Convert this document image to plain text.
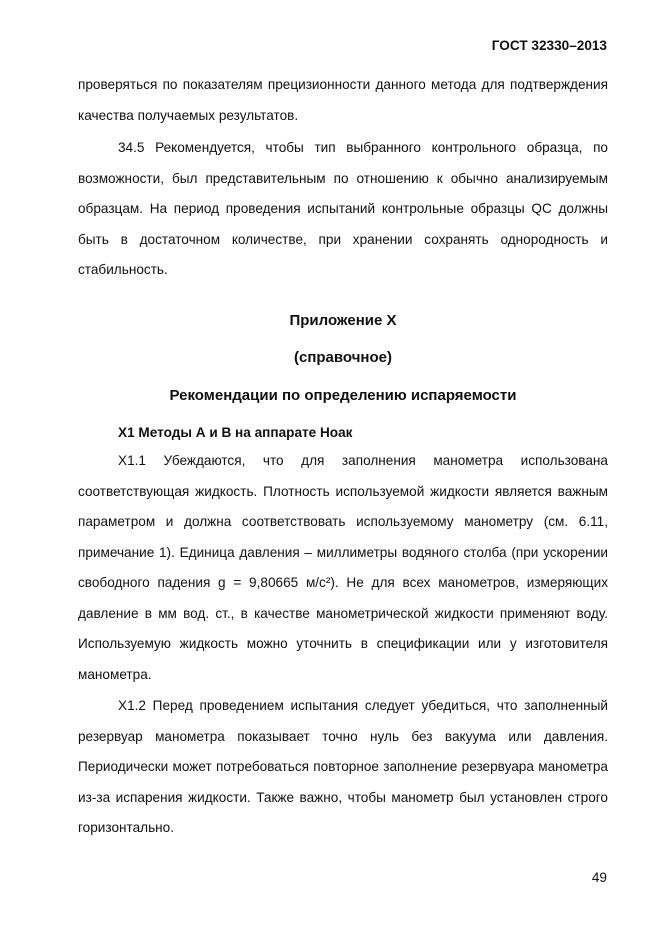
ГОСТ 32330–2013

проверяться по показателям прецизионности данного метода для подтверждения качества получаемых результатов.

34.5 Рекомендуется, чтобы тип выбранного контрольного образца, по возможности, был представительным по отношению к обычно анализируемым образцам. На период проведения испытаний контрольные образцы QC должны быть в достаточном количестве, при хранении сохранять однородность и стабильность.

Приложение X

(справочное)

Рекомендации по определению испаряемости

X1 Методы А и В на аппарате Ноак

X1.1 Убеждаются, что для заполнения манометра использована соответствующая жидкость. Плотность используемой жидкости является важным параметром и должна соответствовать используемому манометру (см. 6.11, примечание 1). Единица давления – миллиметры водяного столба (при ускорении свободного падения g = 9,80665 м/с²). Не для всех манометров, измеряющих давление в мм вод. ст., в качестве манометрической жидкости применяют воду. Используемую жидкость можно уточнить в спецификации или у изготовителя манометра.

X1.2 Перед проведением испытания следует убедиться, что заполненный резервуар манометра показывает точно нуль без вакуума или давления. Периодически может потребоваться повторное заполнение резервуара манометра из-за испарения жидкости. Также важно, чтобы манометр был установлен строго горизонтально.

49
